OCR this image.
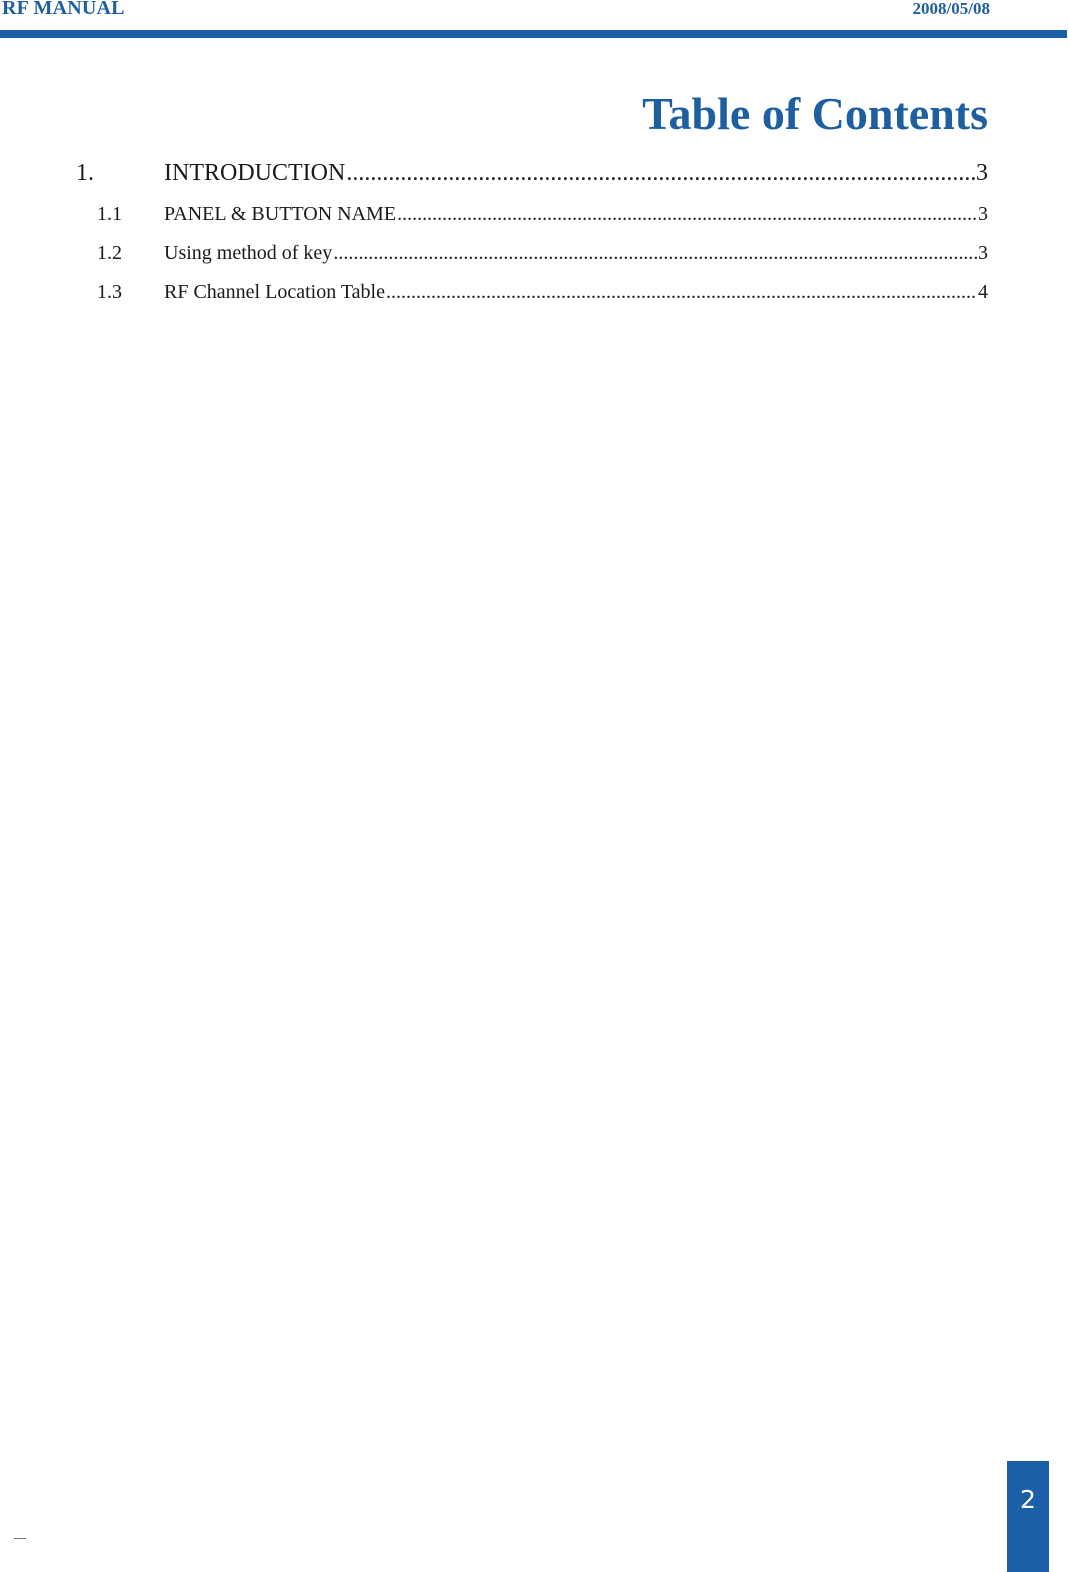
RF MANUAL	2008/05/08
Table of Contents
1.	INTRODUCTION .....	3
1.1 PANEL & BUTTON NAME .....	3
1.2 Using method of key .....	3
1.3 RF Channel Location Table .....	4
2
